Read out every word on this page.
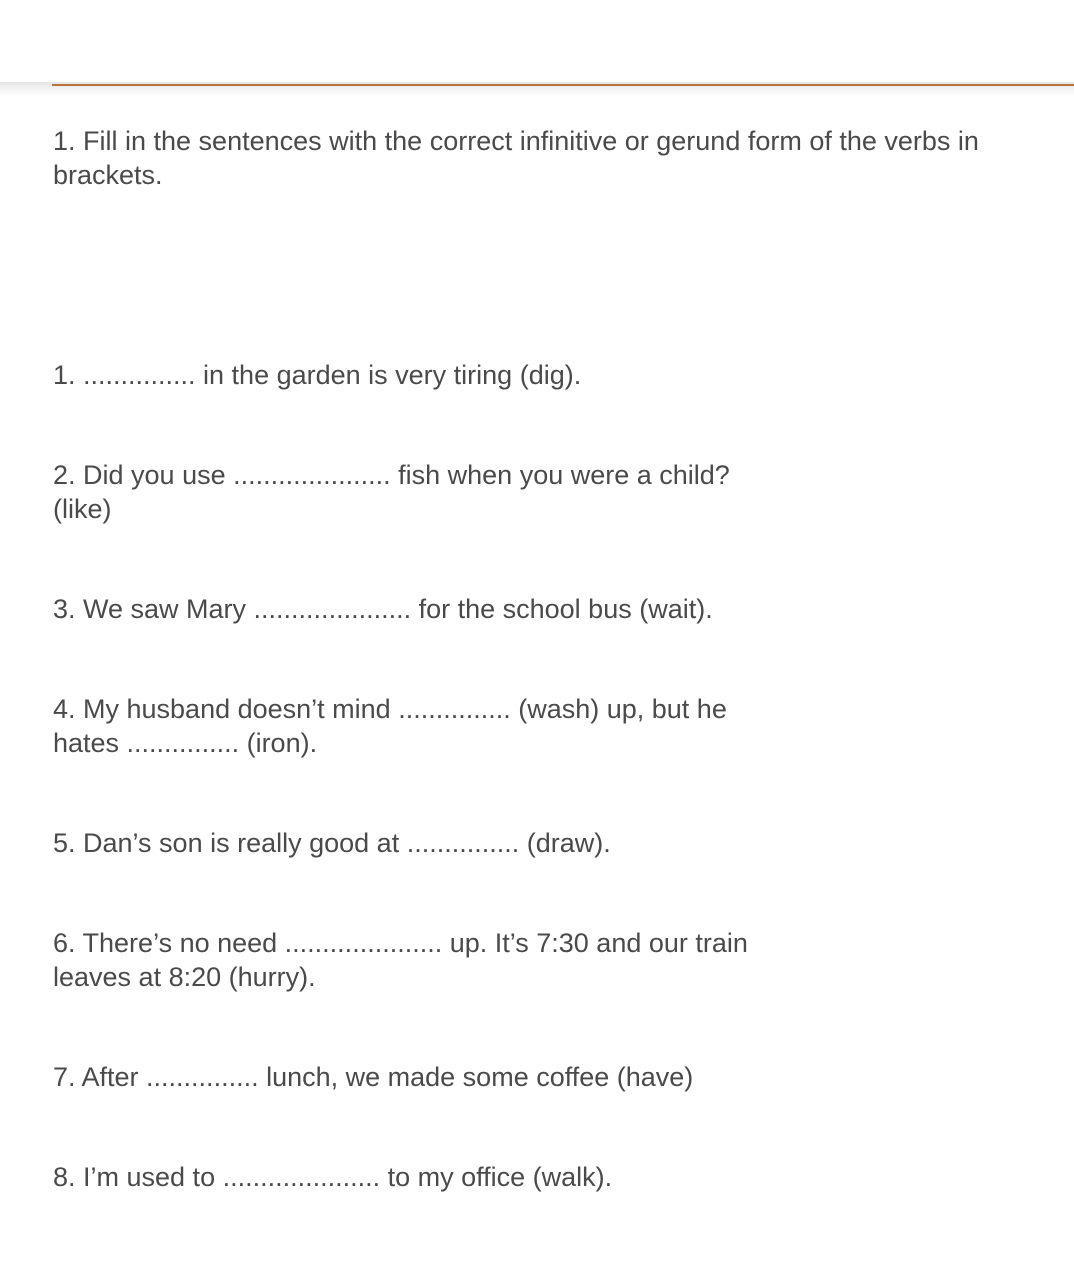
1. Fill in the sentences with the correct infinitive or gerund form of the verbs in brackets.

1. ............... in the garden is very tiring (dig).

2. Did you use ..................... fish when you were a child?

(like)

3. We saw Mary ..................... for the school bus (wait).

4. My husband doesn’t mind ............... (wash) up, but he

hates ............... (iron).

5. Dan’s son is really good at ............... (draw).

6. There’s no need ..................... up. It’s 7:30 and our train

leaves at 8:20 (hurry).

7. After ............... lunch, we made some coffee (have)

8. I’m used to ..................... to my office (walk).
